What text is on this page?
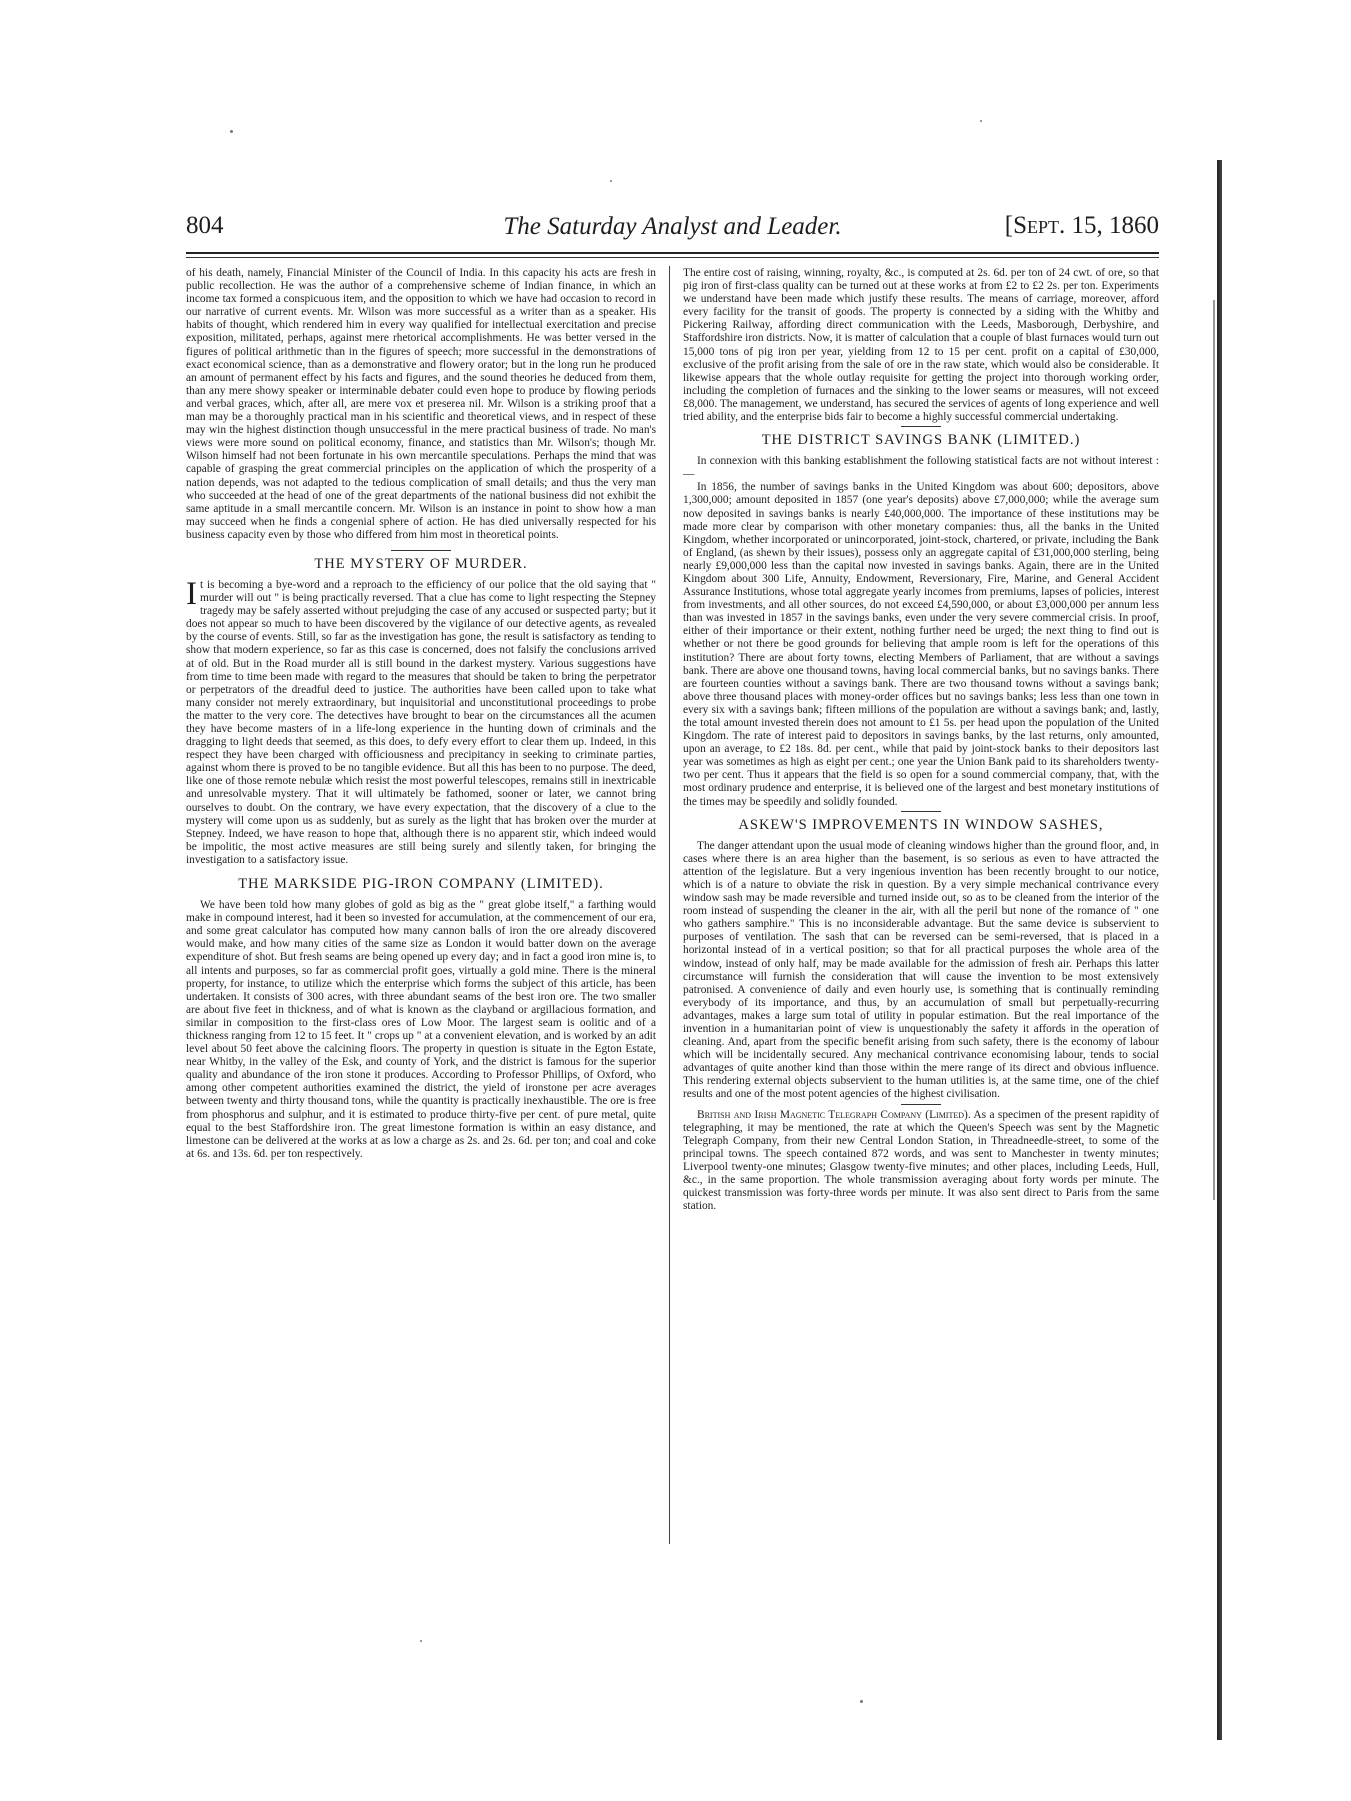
804	The Saturday Analyst and Leader.	[Sept. 15, 1860

of his death, namely, Financial Minister of the Council of India. In this capacity his acts are fresh in public recollection. He was the author of a comprehensive scheme of Indian finance, in which an income tax formed a conspicuous item, and the opposition to which we have had occasion to record in our narrative of current events. Mr. Wilson was more successful as a writer than as a speaker. His habits of thought, which rendered him in every way qualified for intellectual exercitation and precise exposition, militated, perhaps, against mere rhetorical accomplishments. He was better versed in the figures of political arithmetic than in the figures of speech; more successful in the demonstrations of exact economical science, than as a demonstrative and flowery orator; but in the long run he produced an amount of permanent effect by his facts and figures, and the sound theories he deduced from them, than any mere showy speaker or interminable debater could even hope to produce by flowing periods and verbal graces, which, after all, are mere vox et preserea nil. Mr. Wilson is a striking proof that a man may be a thoroughly practical man in his scientific and theoretical views, and in respect of these may win the highest distinction though unsuccessful in the mere practical business of trade. No man's views were more sound on political economy, finance, and statistics than Mr. Wilson's; though Mr. Wilson himself had not been fortunate in his own mercantile speculations. Perhaps the mind that was capable of grasping the great commercial principles on the application of which the prosperity of a nation depends, was not adapted to the tedious complication of small details; and thus the very man who succeeded at the head of one of the great departments of the national business did not exhibit the same aptitude in a small mercantile concern. Mr. Wilson is an instance in point to show how a man may succeed when he finds a congenial sphere of action. He has died universally respected for his business capacity even by those who differed from him most in theoretical points.

THE MYSTERY OF MURDER.

It is becoming a bye-word and a reproach to the efficiency of our police that the old saying that " murder will out " is being practically reversed. That a clue has come to light respecting the Stepney tragedy may be safely asserted without prejudging the case of any accused or suspected party; but it does not appear so much to have been discovered by the vigilance of our detective agents, as revealed by the course of events. Still, so far as the investigation has gone, the result is satisfactory as tending to show that modern experience, so far as this case is concerned, does not falsify the conclusions arrived at of old. But in the Road murder all is still bound in the darkest mystery. Various suggestions have from time to time been made with regard to the measures that should be taken to bring the perpetrator or perpetrators of the dreadful deed to justice. The authorities have been called upon to take what many consider not merely extraordinary, but inquisitorial and unconstitutional proceedings to probe the matter to the very core. The detectives have brought to bear on the circumstances all the acumen they have become masters of in a life-long experience in the hunting down of criminals and the dragging to light deeds that seemed, as this does, to defy every effort to clear them up. Indeed, in this respect they have been charged with officiousness and precipitancy in seeking to criminate parties, against whom there is proved to be no tangible evidence. But all this has been to no purpose. The deed, like one of those remote nebulæ which resist the most powerful telescopes, remains still in inextricable and unresolvable mystery. That it will ultimately be fathomed, sooner or later, we cannot bring ourselves to doubt. On the contrary, we have every expectation, that the discovery of a clue to the mystery will come upon us as suddenly, but as surely as the light that has broken over the murder at Stepney. Indeed, we have reason to hope that, although there is no apparent stir, which indeed would be impolitic, the most active measures are still being surely and silently taken, for bringing the investigation to a satisfactory issue.

THE MARKSIDE PIG-IRON COMPANY (LIMITED).

We have been told how many globes of gold as big as the " great globe itself," a farthing would make in compound interest, had it been so invested for accumulation, at the commencement of our era, and some great calculator has computed how many cannon balls of iron the ore already discovered would make, and how many cities of the same size as London it would batter down on the average expenditure of shot. But fresh seams are being opened up every day; and in fact a good iron mine is, to all intents and purposes, so far as commercial profit goes, virtually a gold mine. There is the mineral property, for instance, to utilize which the enterprise which forms the subject of this article, has been undertaken. It consists of 300 acres, with three abundant seams of the best iron ore. The two smaller are about five feet in thickness, and of what is known as the clayband or argillacious formation, and similar in composition to the first-class ores of Low Moor. The largest seam is oolitic and of a thickness ranging from 12 to 15 feet. It " crops up " at a convenient elevation, and is worked by an adit level about 50 feet above the calcining floors. The property in question is situate in the Egton Estate, near Whitby, in the valley of the Esk, and county of York, and the district is famous for the superior quality and abundance of the iron stone it produces. According to Professor Phillips, of Oxford, who among other competent authorities examined the district, the yield of ironstone per acre averages between twenty and thirty thousand tons, while the quantity is practically inexhaustible. The ore is free from phosphorus and sulphur, and it is estimated to produce thirty-five per cent. of pure metal, quite equal to the best Staffordshire iron. The great limestone formation is within an easy distance, and limestone can be delivered at the works at as low a charge as 2s. and 2s. 6d. per ton; and coal and coke at 6s. and 13s. 6d. per ton respectively.

The entire cost of raising, winning, royalty, &c., is computed at 2s. 6d. per ton of 24 cwt. of ore, so that pig iron of first-class quality can be turned out at these works at from £2 to £2 2s. per ton. Experiments we understand have been made which justify these results. The means of carriage, moreover, afford every facility for the transit of goods. The property is connected by a siding with the Whitby and Pickering Railway, affording direct communication with the Leeds, Masborough, Derbyshire, and Staffordshire iron districts. Now, it is matter of calculation that a couple of blast furnaces would turn out 15,000 tons of pig iron per year, yielding from 12 to 15 per cent. profit on a capital of £30,000, exclusive of the profit arising from the sale of ore in the raw state, which would also be considerable. It likewise appears that the whole outlay requisite for getting the project into thorough working order, including the completion of furnaces and the sinking to the lower seams or measures, will not exceed £8,000. The management, we understand, has secured the services of agents of long experience and well tried ability, and the enterprise bids fair to become a highly successful commercial undertaking.

THE DISTRICT SAVINGS BANK (LIMITED.)

In connexion with this banking establishment the following statistical facts are not without interest :—

In 1856, the number of savings banks in the United Kingdom was about 600; depositors, above 1,300,000; amount deposited in 1857 (one year's deposits) above £7,000,000; while the average sum now deposited in savings banks is nearly £40,000,000. The importance of these institutions may be made more clear by comparison with other monetary companies: thus, all the banks in the United Kingdom, whether incorporated or unincorporated, joint-stock, chartered, or private, including the Bank of England, (as shewn by their issues), possess only an aggregate capital of £31,000,000 sterling, being nearly £9,000,000 less than the capital now invested in savings banks. Again, there are in the United Kingdom about 300 Life, Annuity, Endowment, Reversionary, Fire, Marine, and General Accident Assurance Institutions, whose total aggregate yearly incomes from premiums, lapses of policies, interest from investments, and all other sources, do not exceed £4,590,000, or about £3,000,000 per annum less than was invested in 1857 in the savings banks, even under the very severe commercial crisis. In proof, either of their importance or their extent, nothing further need be urged; the next thing to find out is whether or not there be good grounds for believing that ample room is left for the operations of this institution? There are about forty towns, electing Members of Parliament, that are without a savings bank. There are above one thousand towns, having local commercial banks, but no savings banks. There are fourteen counties without a savings bank. There are two thousand towns without a savings bank; above three thousand places with money-order offices but no savings banks; less less than one town in every six with a savings bank; fifteen millions of the population are without a savings bank; and, lastly, the total amount invested therein does not amount to £1 5s. per head upon the population of the United Kingdom. The rate of interest paid to depositors in savings banks, by the last returns, only amounted, upon an average, to £2 18s. 8d. per cent., while that paid by joint-stock banks to their depositors last year was sometimes as high as eight per cent.; one year the Union Bank paid to its shareholders twenty-two per cent. Thus it appears that the field is so open for a sound commercial company, that, with the most ordinary prudence and enterprise, it is believed one of the largest and best monetary institutions of the times may be speedily and solidly founded.

ASKEW'S IMPROVEMENTS IN WINDOW SASHES,

The danger attendant upon the usual mode of cleaning windows higher than the ground floor, and, in cases where there is an area higher than the basement, is so serious as even to have attracted the attention of the legislature. But a very ingenious invention has been recently brought to our notice, which is of a nature to obviate the risk in question. By a very simple mechanical contrivance every window sash may be made reversible and turned inside out, so as to be cleaned from the interior of the room instead of suspending the cleaner in the air, with all the peril but none of the romance of " one who gathers samphire." This is no inconsiderable advantage. But the same device is subservient to purposes of ventilation. The sash that can be reversed can be semi-reversed, that is placed in a horizontal instead of in a vertical position; so that for all practical purposes the whole area of the window, instead of only half, may be made available for the admission of fresh air. Perhaps this latter circumstance will furnish the consideration that will cause the invention to be most extensively patronised. A convenience of daily and even hourly use, is something that is continually reminding everybody of its importance, and thus, by an accumulation of small but perpetually-recurring advantages, makes a large sum total of utility in popular estimation. But the real importance of the invention in a humanitarian point of view is unquestionably the safety it affords in the operation of cleaning. And, apart from the specific benefit arising from such safety, there is the economy of labour which will be incidentally secured. Any mechanical contrivance economising labour, tends to social advantages of quite another kind than those within the mere range of its direct and obvious influence. This rendering external objects subservient to the human utilities is, at the same time, one of the chief results and one of the most potent agencies of the highest civilisation.

British and Irish Magnetic Telegraph Company (Limited). As a specimen of the present rapidity of telegraphing, it may be mentioned, the rate at which the Queen's Speech was sent by the Magnetic Telegraph Company, from their new Central London Station, in Threadneedle-street, to some of the principal towns. The speech contained 872 words, and was sent to Manchester in twenty minutes; Liverpool twenty-one minutes; Glasgow twenty-five minutes; and other places, including Leeds, Hull, &c., in the same proportion. The whole transmission averaging about forty words per minute. The quickest transmission was forty-three words per minute. It was also sent direct to Paris from the same station.
